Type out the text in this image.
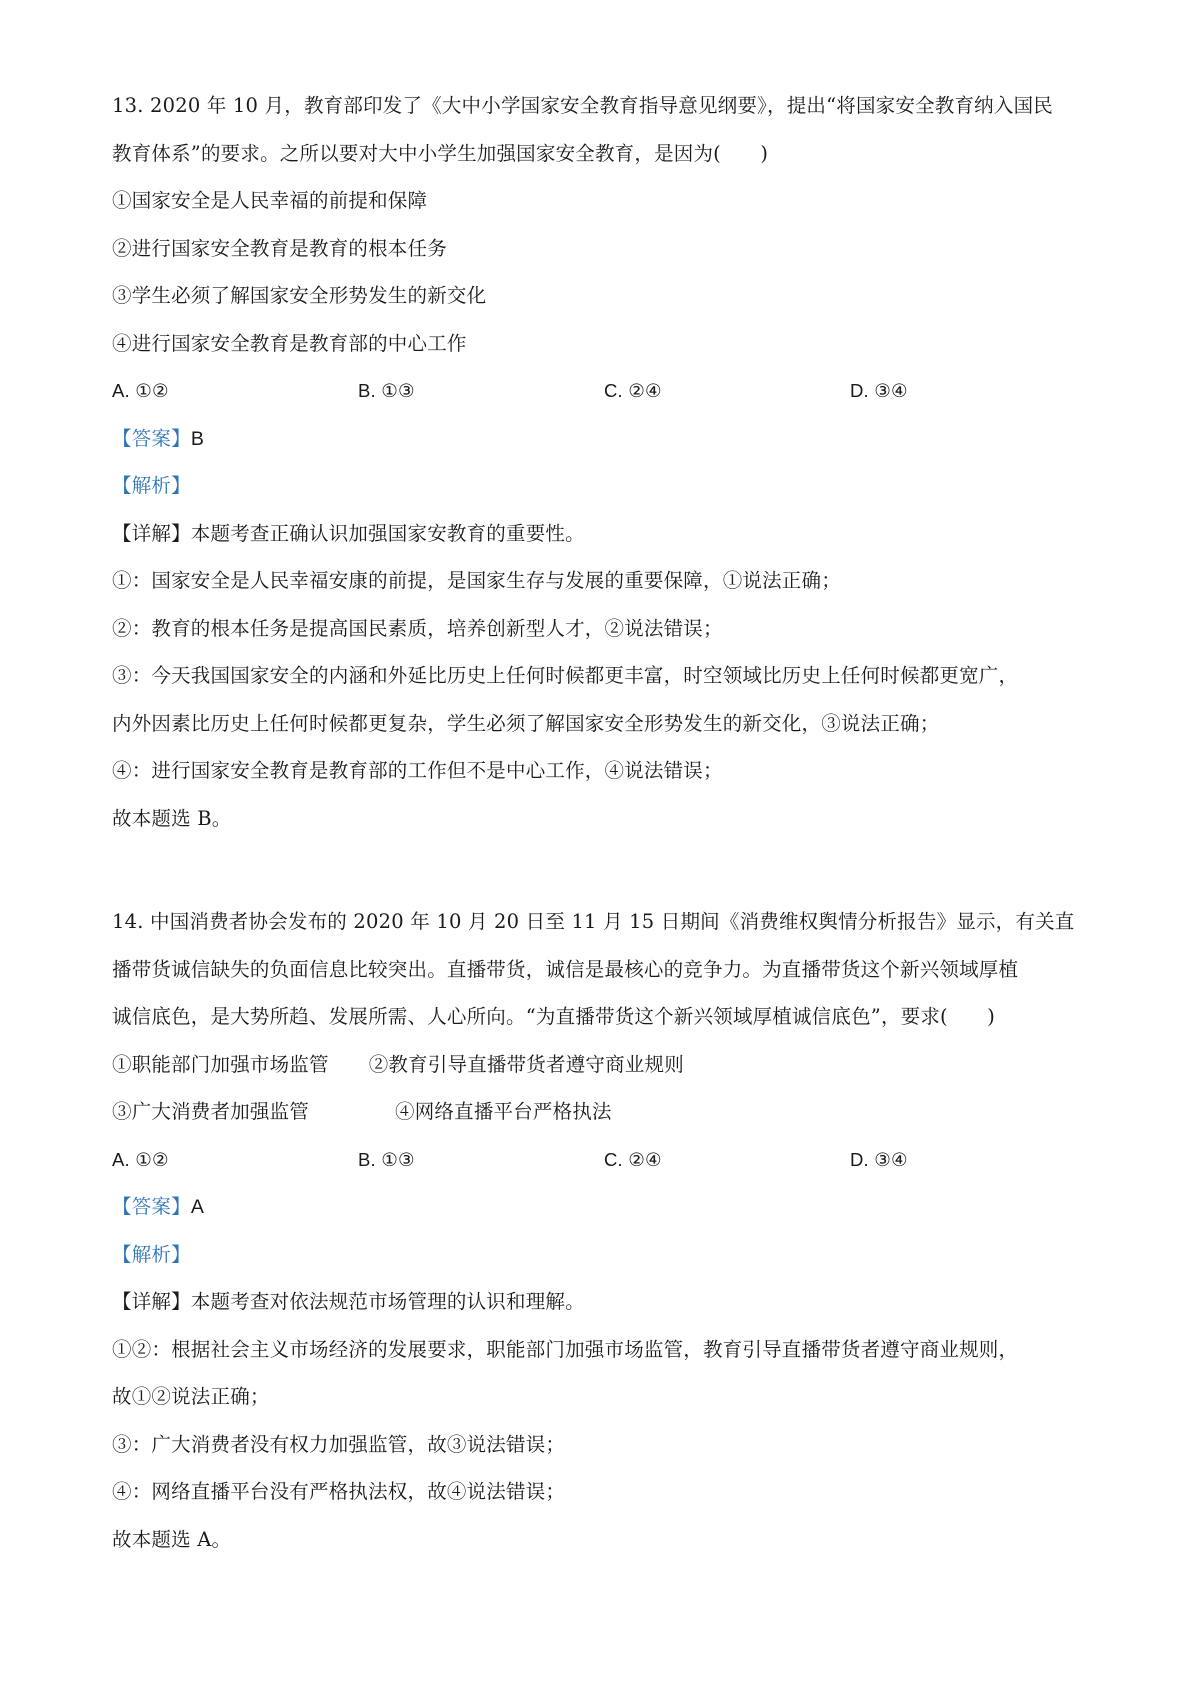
13. 2020 年 10 月，教育部印发了《大中小学国家安全教育指导意见纲要》，提出“将国家安全教育纳入国民
教育体系”的要求。之所以要对大中小学生加强国家安全教育，是因为(　　)
①国家安全是人民幸福的前提和保障
②进行国家安全教育是教育的根本任务
③学生必须了解国家安全形势发生的新交化
④进行国家安全教育是教育部的中心工作
A. ①②	B. ①③	C. ②④	D. ③④
【答案】B
【解析】
【详解】本题考查正确认识加强国家安教育的重要性。
①：国家安全是人民幸福安康的前提，是国家生存与发展的重要保障，①说法正确；
②：教育的根本任务是提高国民素质，培养创新型人才，②说法错误；
③：今天我国国家安全的内涵和外延比历史上任何时候都更丰富，时空领域比历史上任何时候都更宽广，
内外因素比历史上任何时候都更复杂，学生必须了解国家安全形势发生的新交化，③说法正确；
④：进行国家安全教育是教育部的工作但不是中心工作，④说法错误；
故本题选 B。
14. 中国消费者协会发布的 2020 年 10 月 20 日至 11 月 15 日期间《消费维权舆情分析报告》显示，有关直
播带货诚信缺失的负面信息比较突出。直播带货，诚信是最核心的竞争力。为直播带货这个新兴领域厚植
诚信底色，是大势所趋、发展所需、人心所向。“为直播带货这个新兴领域厚植诚信底色”，要求(　　)
①职能部门加强市场监管 ②教育引导直播带货者遵守商业规则
③广大消费者加强监管	④网络直播平台严格执法
A. ①②	B. ①③	C. ②④	D. ③④
【答案】A
【解析】
【详解】本题考查对依法规范市场管理的认识和理解。
①②：根据社会主义市场经济的发展要求，职能部门加强市场监管，教育引导直播带货者遵守商业规则，
故①②说法正确；
③：广大消费者没有权力加强监管，故③说法错误；
④：网络直播平台没有严格执法权，故④说法错误；
故本题选 A。
